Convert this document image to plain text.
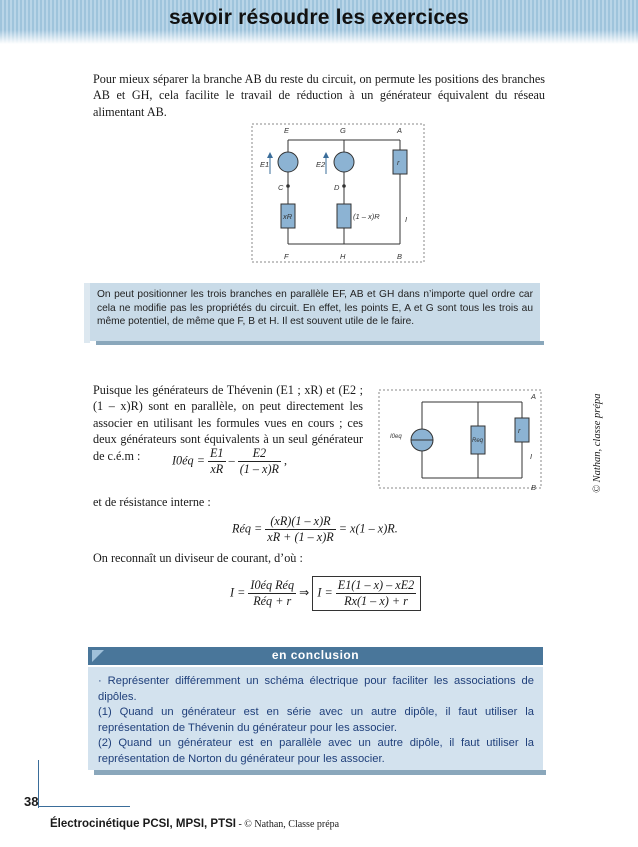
savoir résoudre les exercices
Pour mieux séparer la branche AB du reste du circuit, on permute les positions des branches AB et GH, cela facilite le travail de réduction à un générateur équivalent du réseau alimentant AB.
E	G	A
E1	E2	r
C	D
xR	(1 – x)R	I
F	H	B
On peut positionner les trois branches en parallèle EF, AB et GH dans n’importe quel ordre car cela ne modifie pas les propriétés du circuit. En effet, les points E, A et G sont tous les trois au même potentiel, de même que F, B et H. Il est souvent utile de le faire.
Puisque les générateurs de Thévenin (E1 ; xR) et (E2 ; (1 – x)R) sont en parallèle, on peut directement les associer en utilisant les formules vues en cours ; ces deux générateurs sont équivalents à un seul générateur de c.é.m :	I0éq = $\frac{E1}{xR} - \frac{E2}{(1 - x)R}$ ,
et de résistance interne :
Réq = $\frac{(xR)(1 - x)R}{xR + (1 - x)R} = x(1 - x)R$.
On reconnaît un diviseur de courant, d’où :
$I = \frac{\text{I0éq Réq}}{\text{Réq + r}}$ ⇒ $I = \frac{E1(1 - x) - xE2}{Rx(1 - x) + r}$
A
B
I0eq
Req
r
I	© Nathan, classe prépa
en conclusion
· Représenter différemment un schéma électrique pour faciliter les associations de dipôles.
(1) Quand un générateur est en série avec un autre dipôle, il faut utiliser la représentation de Thévenin du générateur pour les associer.
(2) Quand un générateur est en parallèle avec un autre dipôle, il faut utiliser la représentation de Norton du générateur pour les associer.
38
Électrocinétique PCSI, MPSI, PTSI - © Nathan, Classe prépa
